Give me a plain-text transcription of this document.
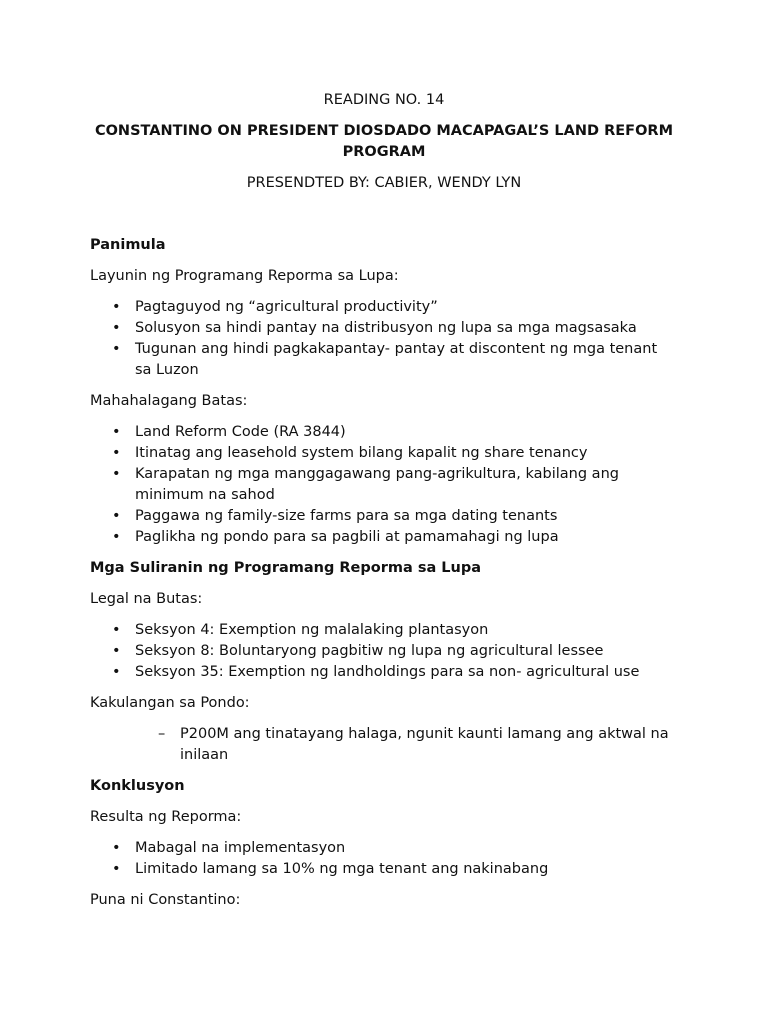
READING NO. 14

CONSTANTINO ON PRESIDENT DIOSDADO MACAPAGAL’S LAND REFORM PROGRAM

PRESENDTED BY: CABIER, WENDY LYN

Panimula

Layunin ng Programang Reporma sa Lupa:

• Pagtaguyod ng “agricultural productivity”
• Solusyon sa hindi pantay na distribusyon ng lupa sa mga magsasaka
• Tugunan ang hindi pagkakapantay- pantay at discontent ng mga tenant sa Luzon

Mahahalagang Batas:

• Land Reform Code (RA 3844)
• Itinatag ang leasehold system bilang kapalit ng share tenancy
• Karapatan ng mga manggagawang pang-agrikultura, kabilang ang minimum na sahod
• Paggawa ng family-size farms para sa mga dating tenants
• Paglikha ng pondo para sa pagbili at pamamahagi ng lupa

Mga Suliranin ng Programang Reporma sa Lupa

Legal na Butas:

• Seksyon 4: Exemption ng malalaking plantasyon
• Seksyon 8: Boluntaryong pagbitiw ng lupa ng agricultural lessee
• Seksyon 35: Exemption ng landholdings para sa non- agricultural use

Kakulangan sa Pondo:

– P200M ang tinatayang halaga, ngunit kaunti lamang ang aktwal na inilaan

Konklusyon

Resulta ng Reporma:

• Mabagal na implementasyon
• Limitado lamang sa 10% ng mga tenant ang nakinabang

Puna ni Constantino:
